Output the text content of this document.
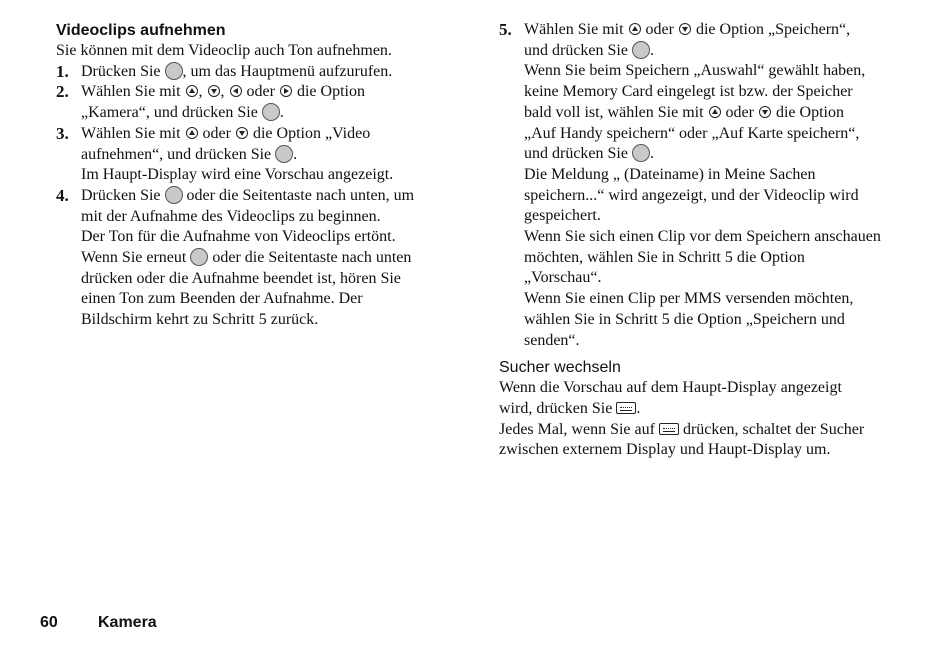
Videoclips aufnehmen

Sie können mit dem Videoclip auch Ton aufnehmen.

1. Drücken Sie , um das Hauptmenü aufzurufen.

2. Wählen Sie mit , , oder die Option

„Kamera“, und drücken Sie .

3. Wählen Sie mit oder die Option „Video

aufnehmen“, und drücken Sie .

Im Haupt-Display wird eine Vorschau angezeigt.

4. Drücken Sie oder die Seitentaste nach unten, um

mit der Aufnahme des Videoclips zu beginnen.

Der Ton für die Aufnahme von Videoclips ertönt.

Wenn Sie erneut oder die Seitentaste nach unten

drücken oder die Aufnahme beendet ist, hören Sie

einen Ton zum Beenden der Aufnahme. Der

Bildschirm kehrt zu Schritt 5 zurück.

5. Wählen Sie mit oder die Option „Speichern“,

und drücken Sie .

Wenn Sie beim Speichern „Auswahl“ gewählt haben,

keine Memory Card eingelegt ist bzw. der Speicher

bald voll ist, wählen Sie mit oder die Option

„Auf Handy speichern“ oder „Auf Karte speichern“,

und drücken Sie .

Die Meldung „ (Dateiname) in Meine Sachen

speichern...“ wird angezeigt, und der Videoclip wird

gespeichert.

Wenn Sie sich einen Clip vor dem Speichern anschauen

möchten, wählen Sie in Schritt 5 die Option

„Vorschau“.

Wenn Sie einen Clip per MMS versenden möchten,

wählen Sie in Schritt 5 die Option „Speichern und

senden“.

Sucher wechseln

Wenn die Vorschau auf dem Haupt-Display angezeigt

wird, drücken Sie .

Jedes Mal, wenn Sie auf drücken, schaltet der Sucher

zwischen externem Display und Haupt-Display um.

60	Kamera
